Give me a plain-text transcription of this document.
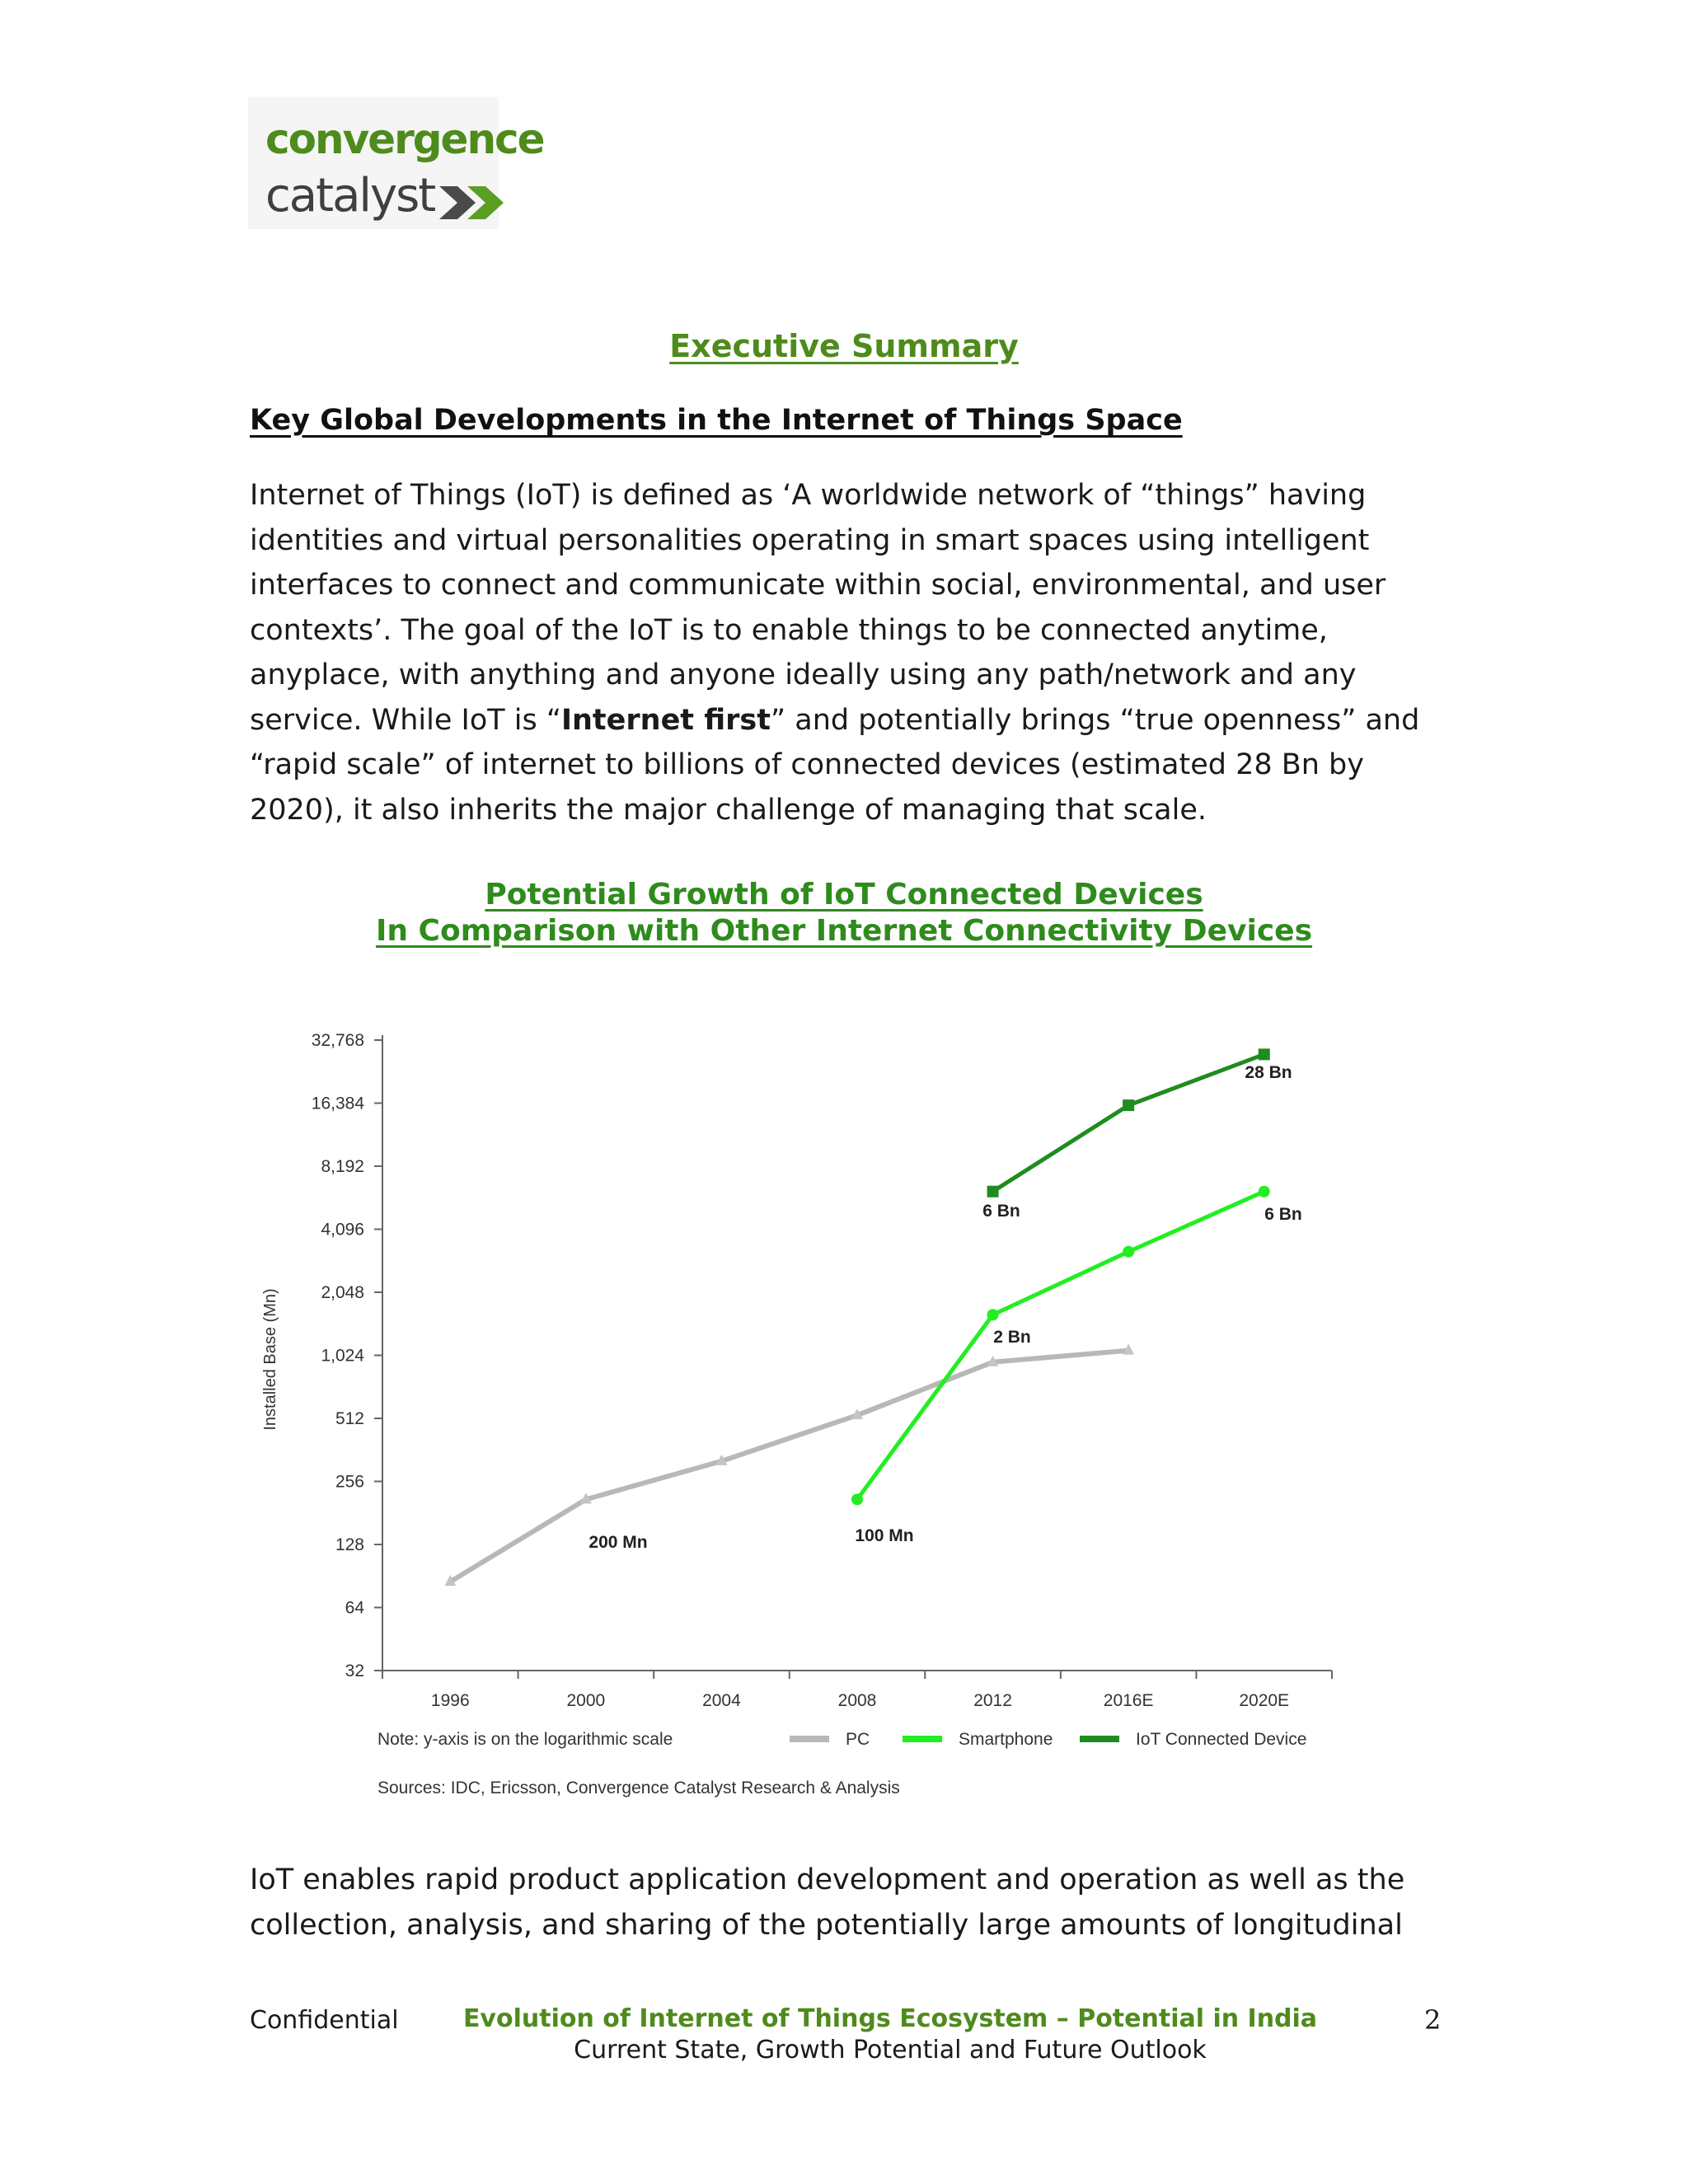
convergence
catalyst
Executive Summary
Key Global Developments in the Internet of Things Space
Internet of Things (IoT) is defined as ‘A worldwide network of “things” having
identities and virtual personalities operating in smart spaces using intelligent
interfaces to connect and communicate within social, environmental, and user
contexts’. The goal of the IoT is to enable things to be connected anytime,
anyplace, with anything and anyone ideally using any path/network and any
service. While IoT is “Internet first” and potentially brings “true openness” and
“rapid scale” of internet to billions of connected devices (estimated 28 Bn by
2020), it also inherits the major challenge of managing that scale.
Potential Growth of IoT Connected Devices
In Comparison with Other Internet Connectivity Devices
32
64
128
256
512
1,024
2,048
4,096
8,192
16,384
32,768
1996	2000	2004	2008	2012	2016E	2020E
Installed Base (Mn)
200 Mn	100 Mn
2 Bn
6 Bn	6 Bn
28 Bn
Note: y-axis is on the logarithmic scale	PC	Smartphone	IoT Connected Device
Sources: IDC, Ericsson, Convergence Catalyst Research & Analysis
IoT enables rapid product application development and operation as well as the
collection, analysis, and sharing of the potentially large amounts of longitudinal
Confidential	Evolution of Internet of Things Ecosystem – Potential in India
Current State, Growth Potential and Future Outlook
2
